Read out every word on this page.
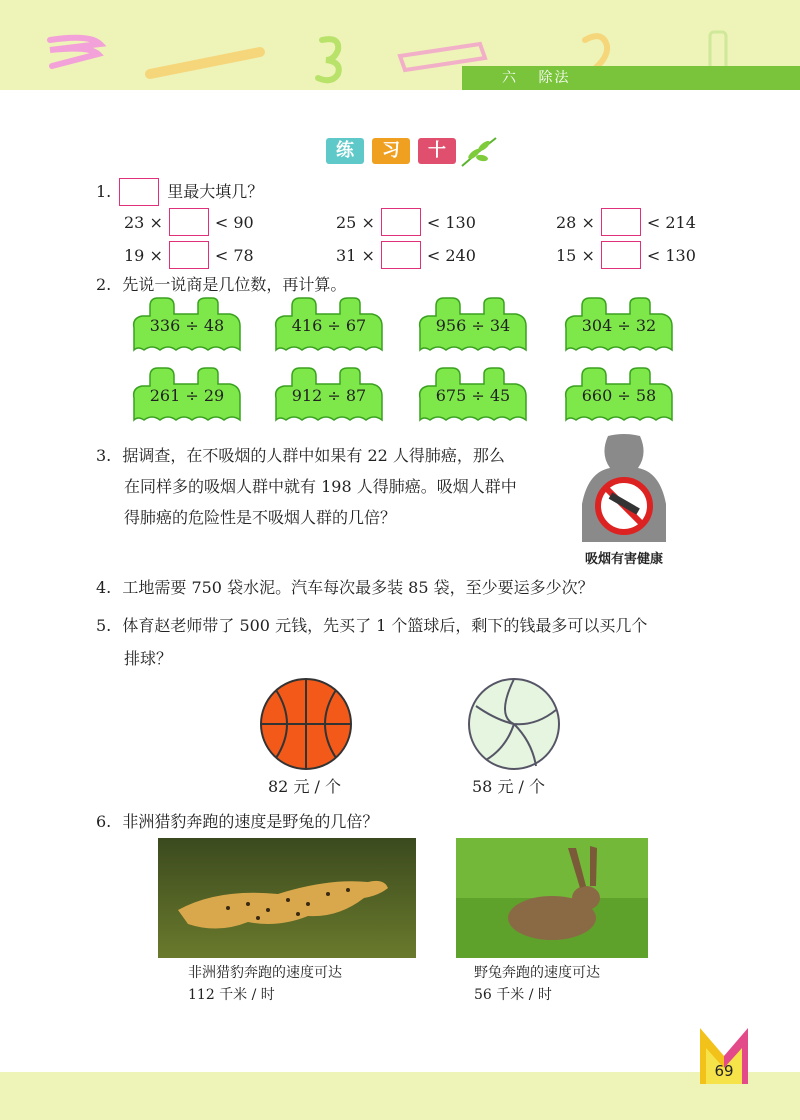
六 除法
练	习	十
1.	里最大填几？
23 ×	< 90	25 ×	< 130	28 ×	< 214
19 ×	< 78	31 ×	< 240	15 ×	< 130
2. 先说一说商是几位数，再计算。
336 ÷ 48	416 ÷ 67	956 ÷ 34	304 ÷ 32
261 ÷ 29	912 ÷ 87	675 ÷ 45	660 ÷ 58
3. 据调查，在不吸烟的人群中如果有 22 人得肺癌，那么
在同样多的吸烟人群中就有 198 人得肺癌。吸烟人群中
得肺癌的危险性是不吸烟人群的几倍？
吸烟有害健康
4. 工地需要 750 袋水泥。汽车每次最多装 85 袋，至少要运多少次？
5. 体育赵老师带了 500 元钱，先买了 1 个篮球后，剩下的钱最多可以买几个
排球？
82 元 / 个	58 元 / 个
6. 非洲猎豹奔跑的速度是野兔的几倍？
非洲猎豹奔跑的速度可达
112 千米 / 时
野兔奔跑的速度可达
56 千米 / 时
69
